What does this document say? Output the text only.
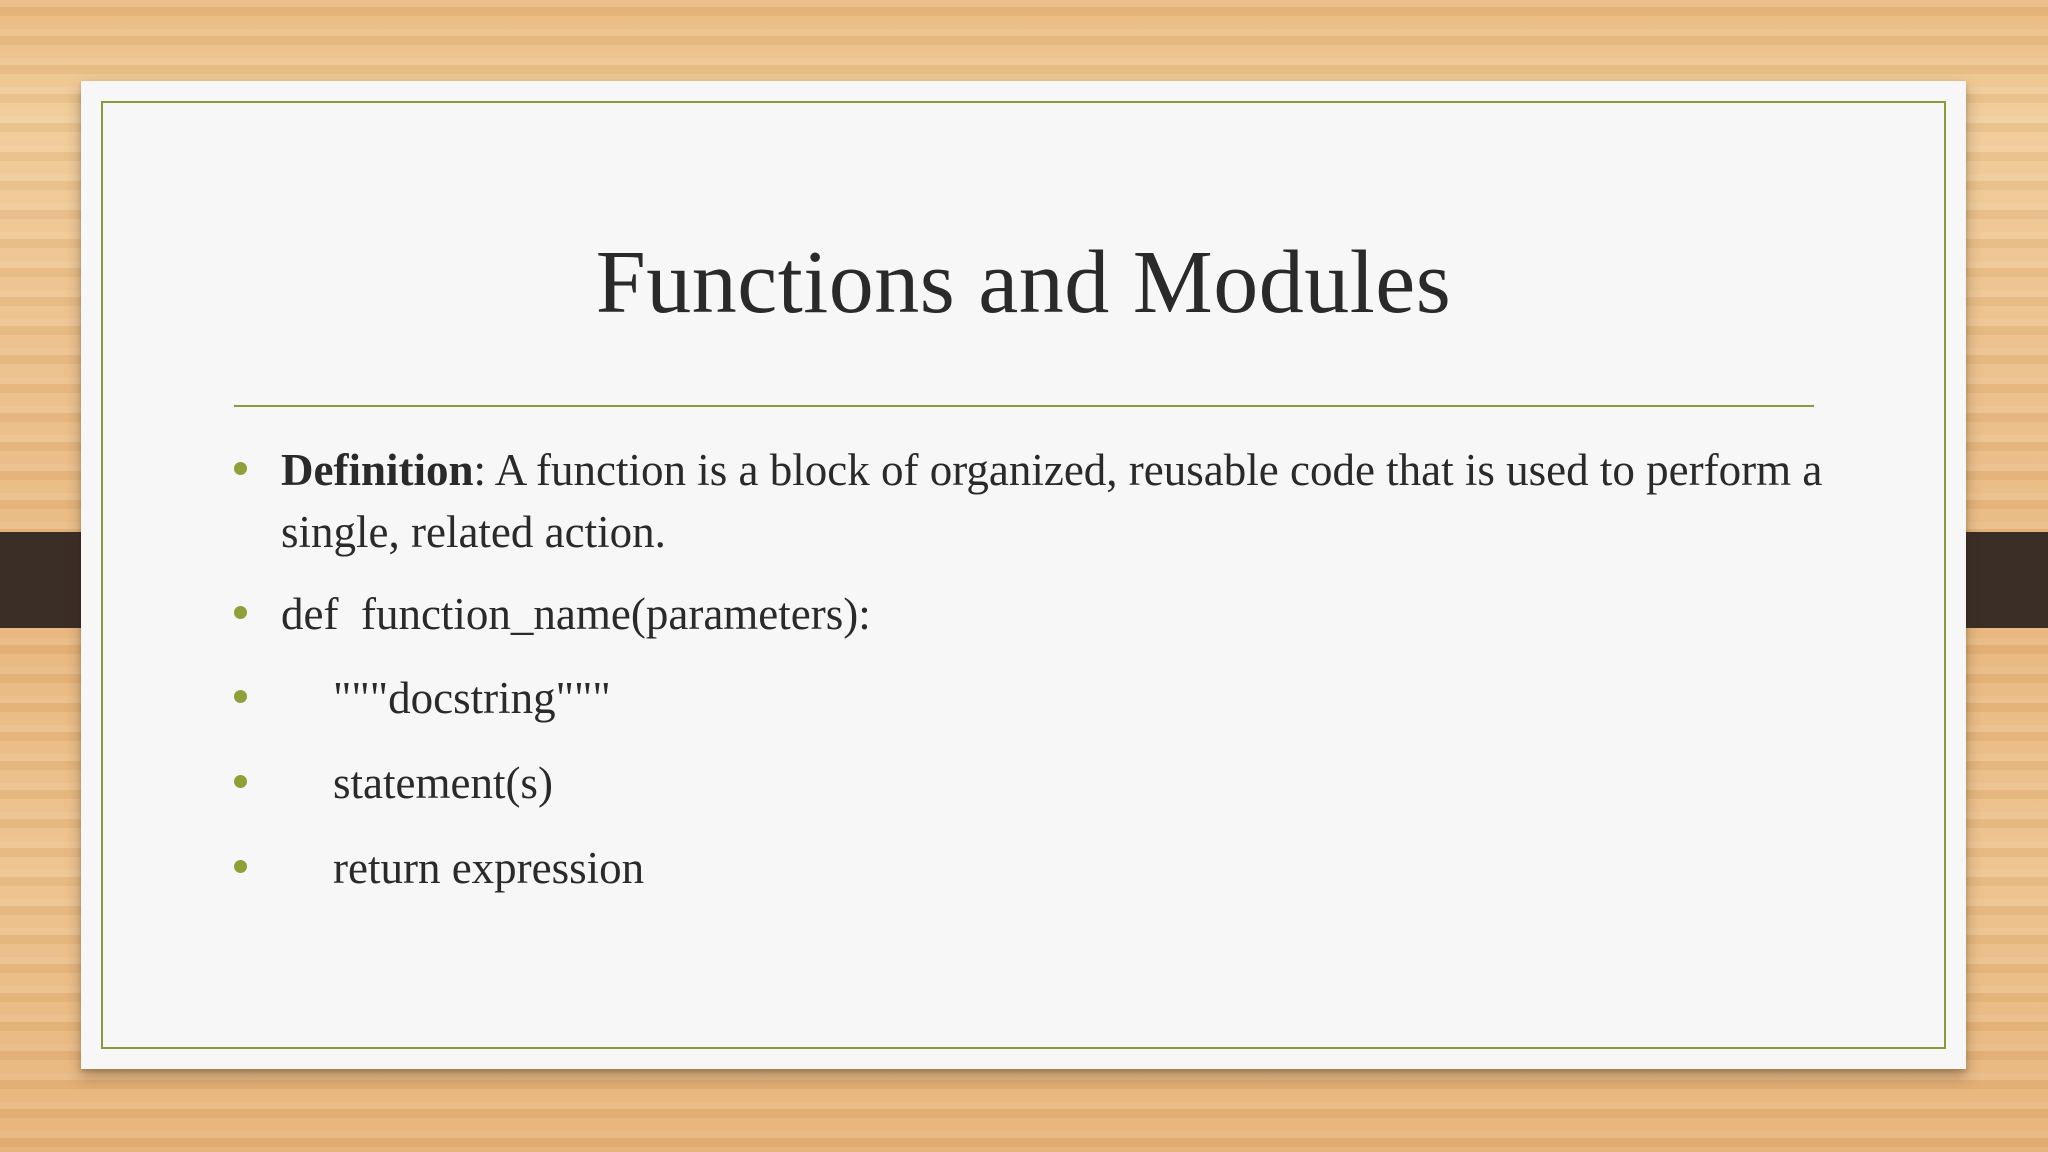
Functions and Modules
Definition: A function is a block of organized, reusable code that is used to perform a single, related action.
def  function_name(parameters):
"""docstring"""
statement(s)
return expression
